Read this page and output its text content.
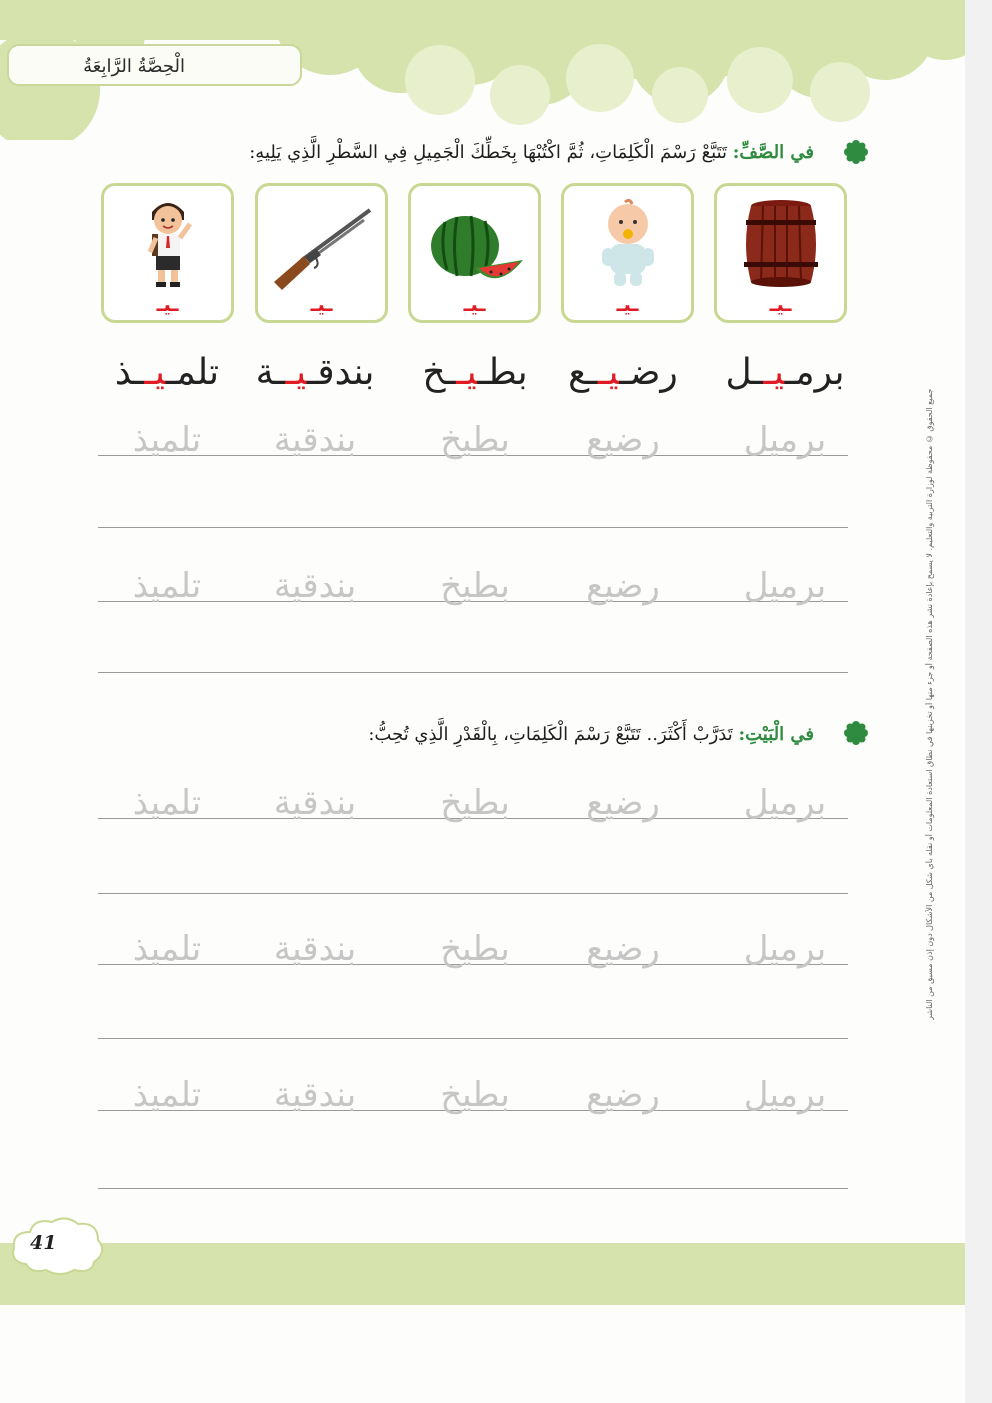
الْحِصَّةُ الرَّابِعَةُ
في الصَّفِّ: تَتَبَّعْ رَسْمَ الْكَلِمَاتِ، ثُمَّ اكْتُبْهَا بِخَطِّكَ الْجَمِيلِ فِي السَّطْرِ الَّذِي يَلِيهِ:
ـيـ
ـيـ
ـيـ
ـيـ
ـيـ
برمـيــل
رضـيــع
بطـيــخ
بندقـيــة
تلمـيــذ
برميل
رضيع
بطيخ
بندقية
تلميذ
برميل
رضيع
بطيخ
بندقية
تلميذ
في الْبَيْتِ: تَدَرَّبْ أَكْثَرَ.. تَتَبَّعْ رَسْمَ الْكَلِمَاتِ، بِالْقَدْرِ الَّذِي تُحِبُّ:
برميل
رضيع
بطيخ
بندقية
تلميذ
برميل
رضيع
بطيخ
بندقية
تلميذ
برميل
رضيع
بطيخ
بندقية
تلميذ
41
جميع الحقوق © محفوظة لوزارة التربية والتعليم. لا يسمح بإعادة نشر هذه الصفحة أو جزء منها أو تخزينها في نطاق استعادة المعلومات أو نقله بأي شكل من الأشكال دون إذن مسبق من الناشر
